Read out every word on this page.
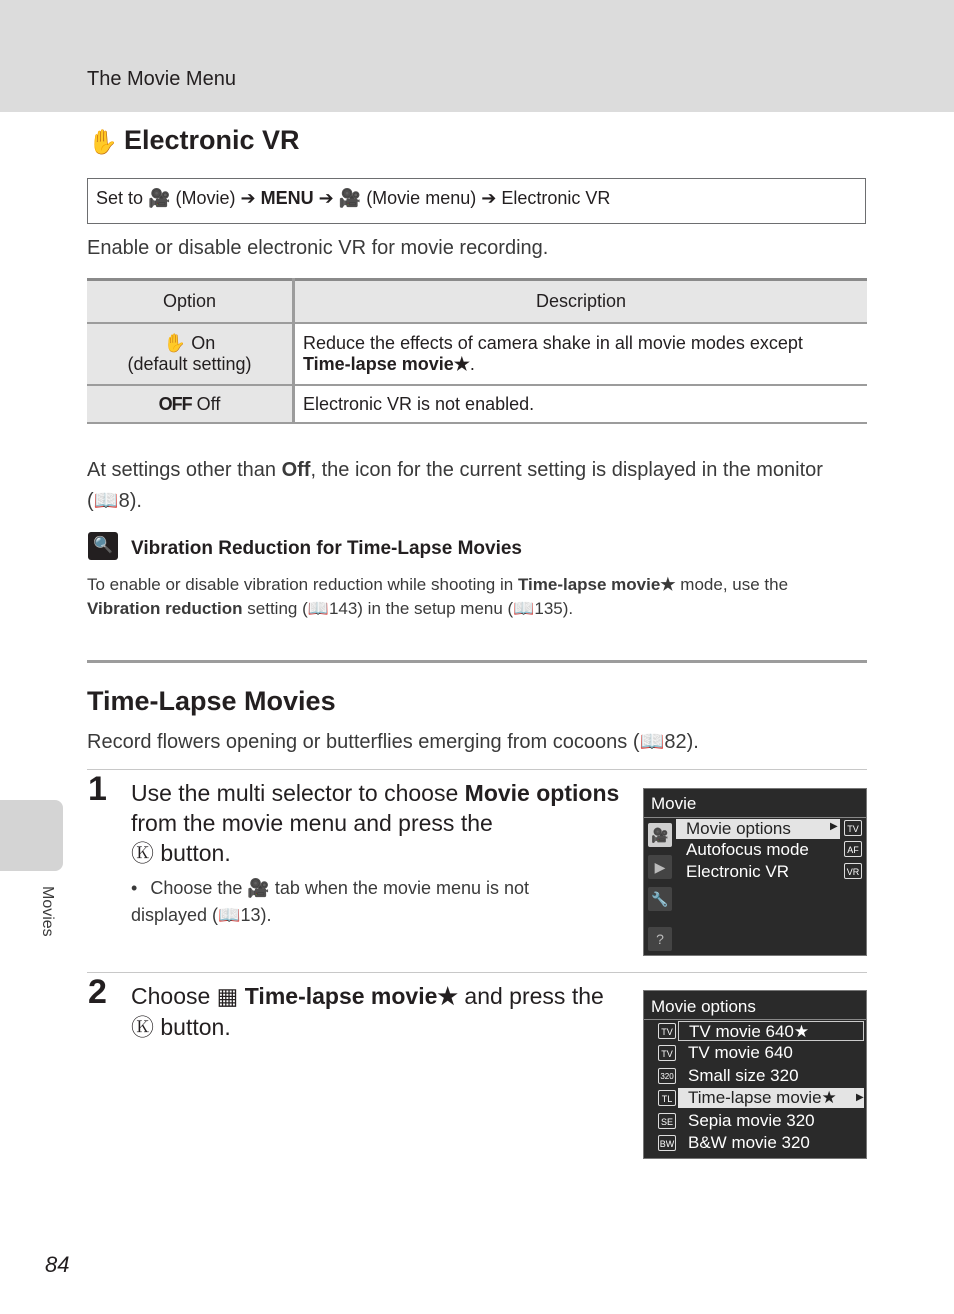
The Movie Menu
✋ Electronic VR
Set to 🎥 (Movie) ➔ MENU ➔ 🎥 (Movie menu) ➔ Electronic VR
Enable or disable electronic VR for movie recording.
Option	Description
✋ On
(default setting)	Reduce the effects of camera shake in all movie modes except
Time-lapse movie★.
OFF Off	Electronic VR is not enabled.
At settings other than Off, the icon for the current setting is displayed in the monitor (📖8).
🔍 Vibration Reduction for Time-Lapse Movies
To enable or disable vibration reduction while shooting in Time-lapse movie★ mode, use the
Vibration reduction setting (📖143) in the setup menu (📖135).
Time-Lapse Movies
Record flowers opening or butterflies emerging from cocoons (📖82).
1 Use the multi selector to choose Movie options from the movie menu and press the
Ⓚ button.
• Choose the 🎥 tab when the movie menu is not displayed (📖13).
Movie
🎥
▶
🔧
?
Movie options	▶
Autofocus mode
Electronic VR
TV
AF
VR
2 Choose ▦ Time-lapse movie★ and press the Ⓚ button.
Movie options
TV TV movie 640★
TV TV movie 640
320 Small size 320
TL Time-lapse movie★	▶
SE Sepia movie 320
BW B&W movie 320
Movies
84
